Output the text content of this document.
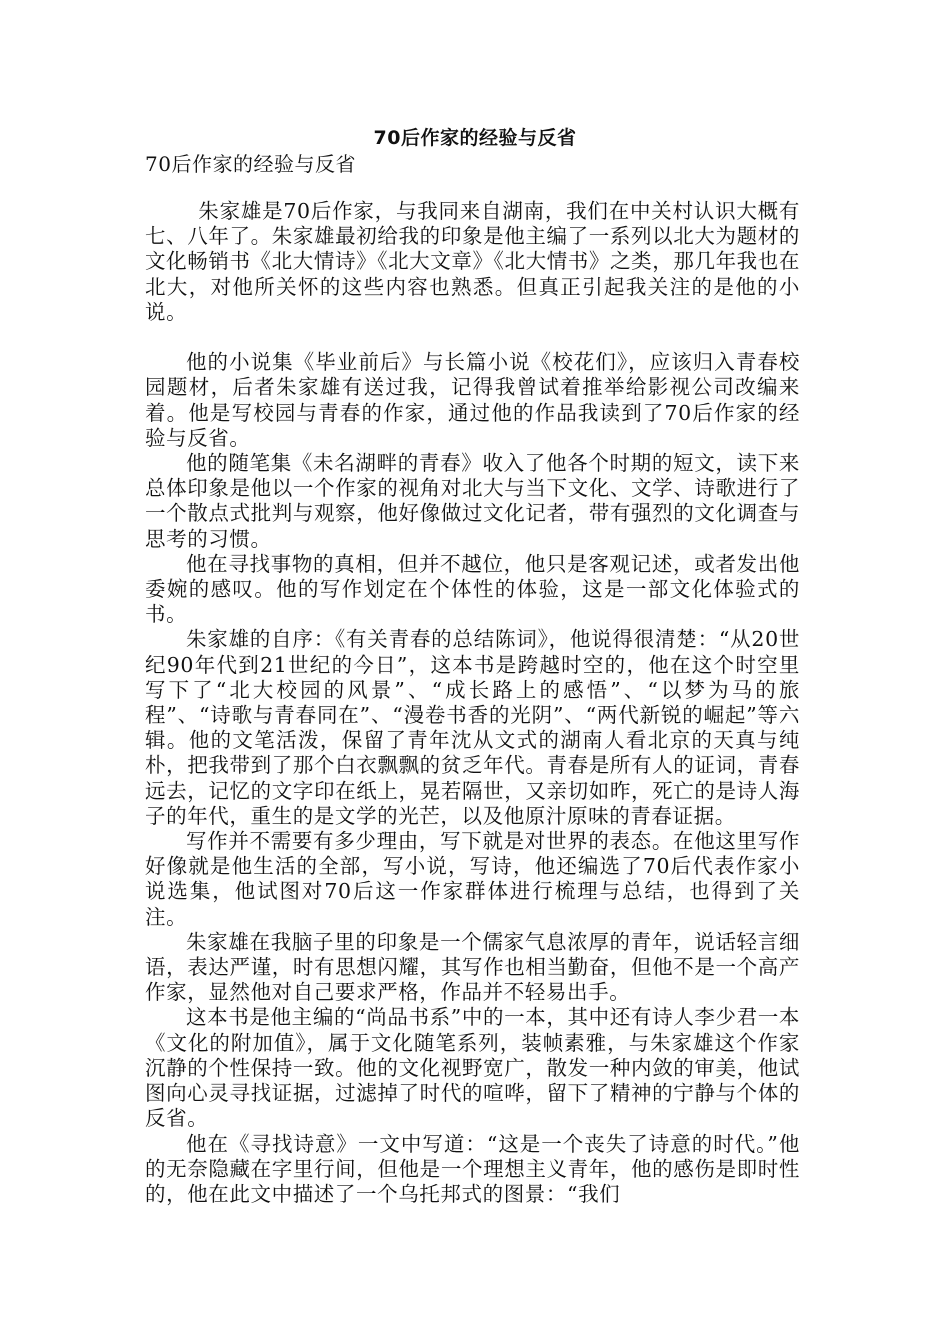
70后作家的经验与反省
70后作家的经验与反省

朱家雄是70后作家，与我同来自湖南，我们在中关村认识大概有七、八年了。朱家雄最初给我的印象是他主编了一系列以北大为题材的文化畅销书《北大情诗》《北大文章》《北大情书》之类，那几年我也在北大，对他所关怀的这些内容也熟悉。但真正引起我关注的是他的小说。

他的小说集《毕业前后》与长篇小说《校花们》，应该归入青春校园题材，后者朱家雄有送过我，记得我曾试着推举给影视公司改编来着。他是写校园与青春的作家，通过他的作品我读到了70后作家的经验与反省。

他的随笔集《未名湖畔的青春》收入了他各个时期的短文，读下来总体印象是他以一个作家的视角对北大与当下文化、文学、诗歌进行了一个散点式批判与观察，他好像做过文化记者，带有强烈的文化调查与思考的习惯。

他在寻找事物的真相，但并不越位，他只是客观记述，或者发出他委婉的感叹。他的写作划定在个体性的体验，这是一部文化体验式的书。

朱家雄的自序：《有关青春的总结陈词》，他说得很清楚：“从20世纪90年代到21世纪的今日”，这本书是跨越时空的，他在这个时空里写下了“北大校园的风景”、“成长路上的感悟”、“以梦为马的旅程”、“诗歌与青春同在”、“漫卷书香的光阴”、“两代新锐的崛起”等六辑。他的文笔活泼，保留了青年沈从文式的湖南人看北京的天真与纯朴，把我带到了那个白衣飘飘的贫乏年代。青春是所有人的证词，青春远去，记忆的文字印在纸上，晃若隔世，又亲切如昨，死亡的是诗人海子的年代，重生的是文学的光芒，以及他原汁原味的青春证据。

写作并不需要有多少理由，写下就是对世界的表态。在他这里写作好像就是他生活的全部，写小说，写诗，他还编选了70后代表作家小说选集，他试图对70后这一作家群体进行梳理与总结，也得到了关注。

朱家雄在我脑子里的印象是一个儒家气息浓厚的青年，说话轻言细语，表达严谨，时有思想闪耀，其写作也相当勤奋，但他不是一个高产作家，显然他对自己要求严格，作品并不轻易出手。

这本书是他主编的“尚品书系”中的一本，其中还有诗人李少君一本《文化的附加值》，属于文化随笔系列，装帧素雅，与朱家雄这个作家沉静的个性保持一致。他的文化视野宽广，散发一种内敛的审美，他试图向心灵寻找证据，过滤掉了时代的喧哗，留下了精神的宁静与个体的反省。

他在《寻找诗意》一文中写道：“这是一个丧失了诗意的时代。”他的无奈隐藏在字里行间，但他是一个理想主义青年，他的感伤是即时性的，他在此文中描述了一个乌托邦式的图景：“我们
